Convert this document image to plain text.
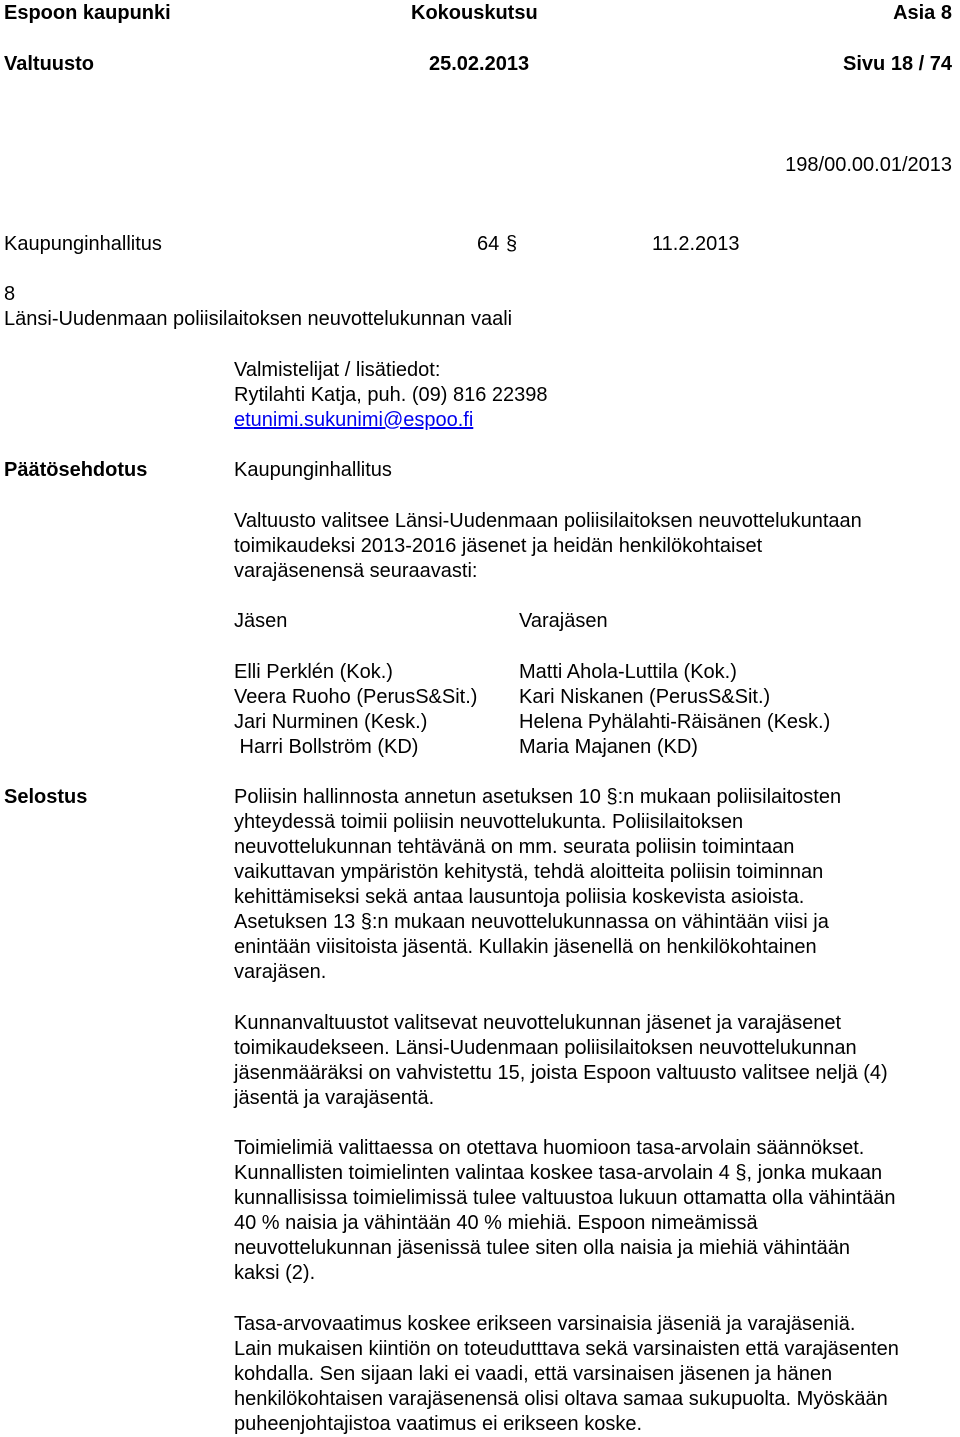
Espoon kaupunki	Kokouskutsu	Asia 8
Valtuusto	25.02.2013	Sivu 18 / 74
198/00.00.01/2013
Kaupunginhallitus	64 §	11.2.2013
8
Länsi-Uudenmaan poliisilaitoksen neuvottelukunnan vaali
Valmistelijat / lisätiedot:
Rytilahti Katja, puh. (09) 816 22398
etunimi.sukunimi@espoo.fi
Päätösehdotus	Kaupunginhallitus
Valtuusto valitsee Länsi-Uudenmaan poliisilaitoksen neuvottelukuntaan
toimikaudeksi 2013-2016 jäsenet ja heidän henkilökohtaiset
varajäsenensä seuraavasti:
Jäsen	Varajäsen
Elli Perklén (Kok.)	Matti Ahola-Luttila (Kok.)
Veera Ruoho (PerusS&Sit.) Kari Niskanen (PerusS&Sit.)
Jari Nurminen (Kesk.)	Helena Pyhälahti-Räisänen (Kesk.)
Harri Bollström (KD)	Maria Majanen (KD)
Selostus	Poliisin hallinnosta annetun asetuksen 10 §:n mukaan poliisilaitosten
yhteydessä toimii poliisin neuvottelukunta. Poliisilaitoksen
neuvottelukunnan tehtävänä on mm. seurata poliisin toimintaan
vaikuttavan ympäristön kehitystä, tehdä aloitteita poliisin toiminnan
kehittämiseksi sekä antaa lausuntoja poliisia koskevista asioista.
Asetuksen 13 §:n mukaan neuvottelukunnassa on vähintään viisi ja
enintään viisitoista jäsentä. Kullakin jäsenellä on henkilökohtainen
varajäsen.
Kunnanvaltuustot valitsevat neuvottelukunnan jäsenet ja varajäsenet
toimikaudekseen. Länsi-Uudenmaan poliisilaitoksen neuvottelukunnan
jäsenmääräksi on vahvistettu 15, joista Espoon valtuusto valitsee neljä (4)
jäsentä ja varajäsentä.
Toimielimiä valittaessa on otettava huomioon tasa-arvolain säännökset.
Kunnallisten toimielinten valintaa koskee tasa-arvolain 4 §, jonka mukaan
kunnallisissa toimielimissä tulee valtuustoa lukuun ottamatta olla vähintään
40 % naisia ja vähintään 40 % miehiä. Espoon nimeämissä
neuvottelukunnan jäsenissä tulee siten olla naisia ja miehiä vähintään
kaksi (2).
Tasa-arvovaatimus koskee erikseen varsinaisia jäseniä ja varajäseniä.
Lain mukaisen kiintiön on toteudutttava sekä varsinaisten että varajäsenten
kohdalla. Sen sijaan laki ei vaadi, että varsinaisen jäsenen ja hänen
henkilökohtaisen varajäsenensä olisi oltava samaa sukupuolta. Myöskään
puheenjohtajistoa vaatimus ei erikseen koske.
